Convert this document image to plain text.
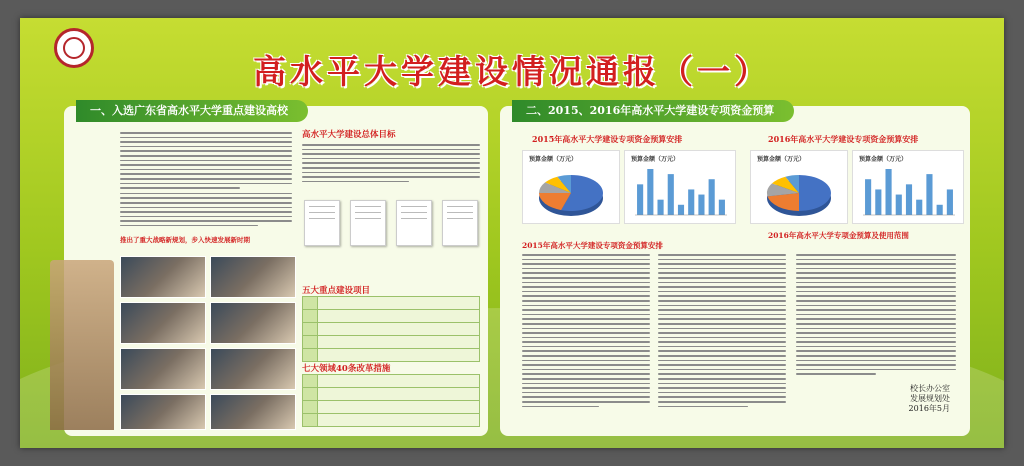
高水平大学建设情况通报（一）
一、入选广东省高水平大学重点建设高校
推出了重大战略新规划，步入快速发展新时期
高水平大学建设总体目标
五大重点建设项目

七大领域40条改革措施

二、2015、2016年高水平大学建设专项资金预算
2015年高水平大学建设专项资金预算安排	2016年高水平大学建设专项资金预算安排
预算金额（万元）	预算金额（万元）	预算金额（万元）	预算金额（万元）
2015年高水平大学建设专项资金预算安排
2016年高水平大学专项金预算及使用范围
校长办公室
发展规划处
2016年5月
